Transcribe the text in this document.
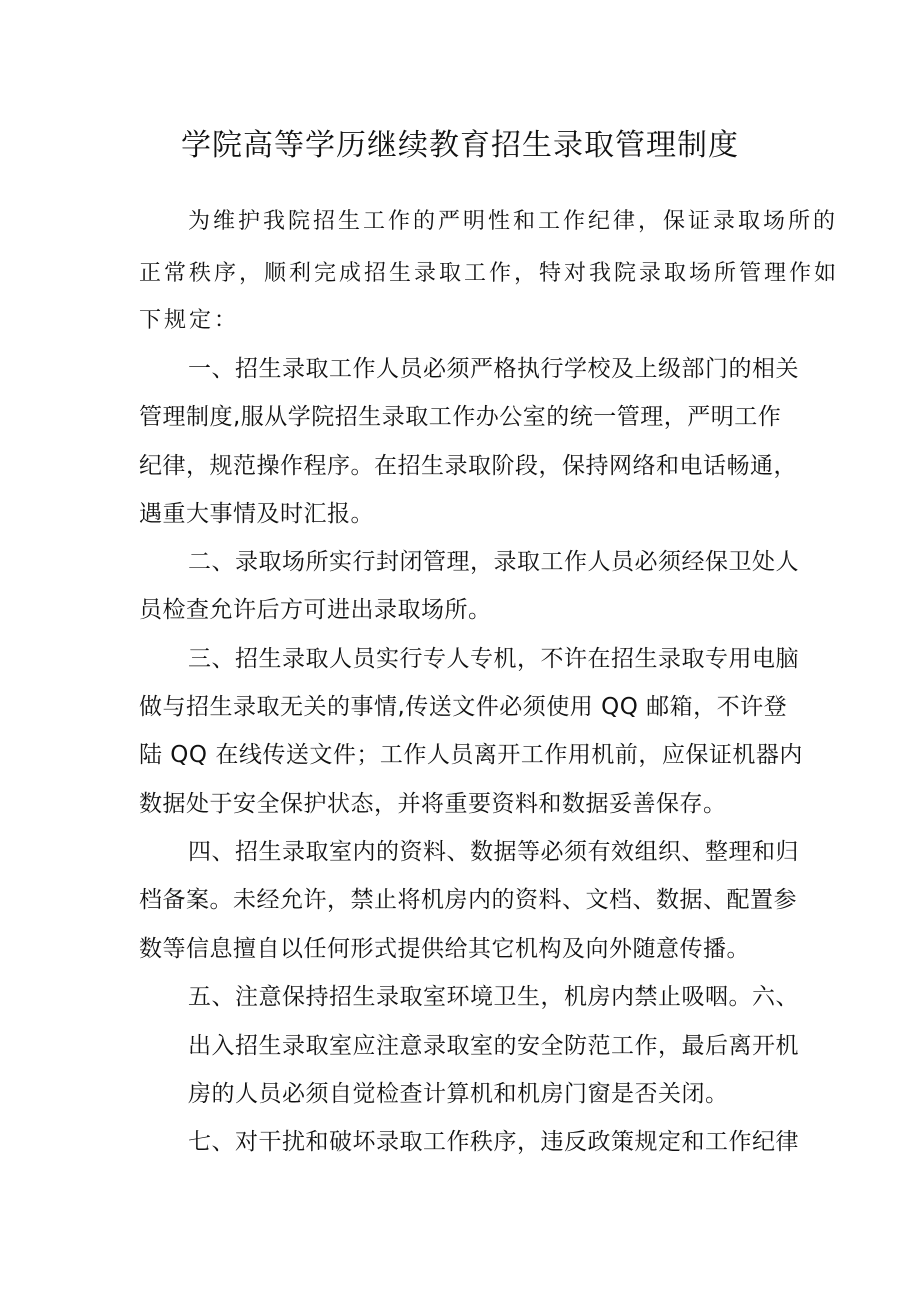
学院高等学历继续教育招生录取管理制度
为维护我院招生工作的严明性和工作纪律，保证录取场所的
正常秩序，顺利完成招生录取工作，特对我院录取场所管理作如
下规定：
一、招生录取工作人员必须严格执行学校及上级部门的相关
管理制度,服从学院招生录取工作办公室的统一管理，严明工作
纪律，规范操作程序。在招生录取阶段，保持网络和电话畅通，
遇重大事情及时汇报。
二、录取场所实行封闭管理，录取工作人员必须经保卫处人
员检查允许后方可进出录取场所。
三、招生录取人员实行专人专机，不许在招生录取专用电脑
做与招生录取无关的事情,传送文件必须使用 QQ 邮箱，不许登
陆 QQ 在线传送文件；工作人员离开工作用机前，应保证机器内
数据处于安全保护状态，并将重要资料和数据妥善保存。
四、招生录取室内的资料、数据等必须有效组织、整理和归
档备案。未经允许，禁止将机房内的资料、文档、数据、配置参
数等信息擅自以任何形式提供给其它机构及向外随意传播。
五、注意保持招生录取室环境卫生，机房内禁止吸咽。六、
出入招生录取室应注意录取室的安全防范工作，最后离开机
房的人员必须自觉检查计算机和机房门窗是否关闭。
七、对干扰和破坏录取工作秩序，违反政策规定和工作纪律
